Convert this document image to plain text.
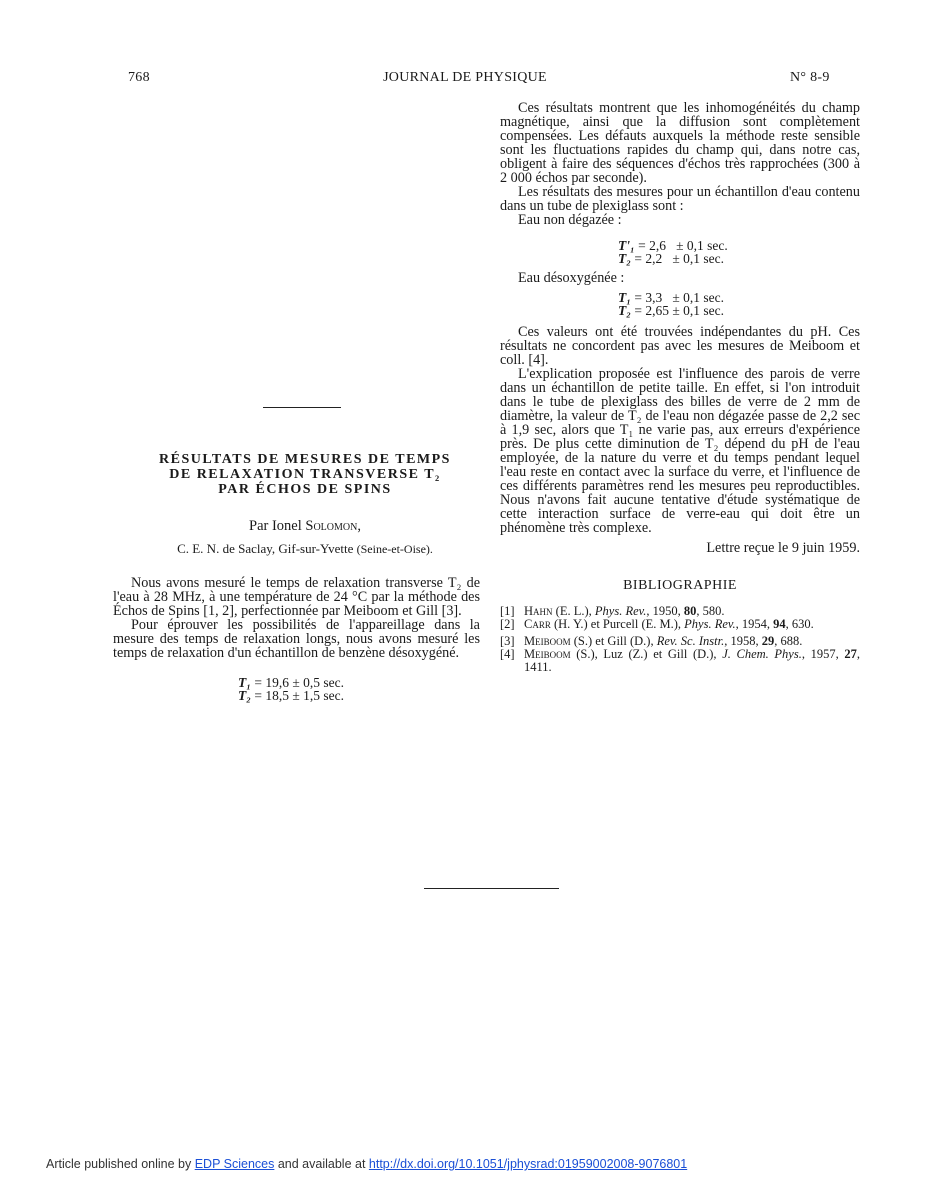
768	JOURNAL DE PHYSIQUE	N° 8-9

Ces résultats montrent que les inhomogénéités du champ magnétique, ainsi que la diffusion sont complètement compensées. Les défauts auxquels la méthode reste sensible sont les fluctuations rapides du champ qui, dans notre cas, obligent à faire des séquences d'échos très rapprochées (300 à 2 000 échos par seconde).

Les résultats des mesures pour un échantillon d'eau contenu dans un tube de plexiglass sont :

Eau non dégazée :

T'₁ = 2,6   ± 0,1 sec.
T₂ = 2,2   ± 0,1 sec.

Eau désoxygénée :

T₁ = 3,3   ± 0,1 sec.
T₂ = 2,65 ± 0,1 sec.

Ces valeurs ont été trouvées indépendantes du pH. Ces résultats ne concordent pas avec les mesures de Meiboom et coll. [4].

L'explication proposée est l'influence des parois de verre dans un échantillon de petite taille. En effet, si l'on introduit dans le tube de plexiglass des billes de verre de 2 mm de diamètre, la valeur de T₂ de l'eau non dégazée passe de 2,2 sec à 1,9 sec, alors que T₁ ne varie pas, aux erreurs d'expérience près. De plus cette diminution de T₂ dépend du pH de l'eau employée, de la nature du verre et du temps pendant lequel l'eau reste en contact avec la surface du verre, et l'influence de ces différents paramètres rend les mesures peu reproductibles. Nous n'avons fait aucune tentative d'étude systématique de cette interaction surface de verre-eau qui doit être un phénomène très complexe.

Lettre reçue le 9 juin 1959.

BIBLIOGRAPHIE
[1] Hahn (E. L.), Phys. Rev., 1950, 80, 580.
[2] Carr (H. Y.) et Purcell (E. M.), Phys. Rev., 1954, 94, 630.
[3] Meiboom (S.) et Gill (D.), Rev. Sc. Instr., 1958, 29, 688.
[4] Meiboom (S.), Luz (Z.) et Gill (D.), J. Chem. Phys., 1957, 27, 1411.
RÉSULTATS DE MESURES DE TEMPS
DE RELAXATION TRANSVERSE T₂
PAR ÉCHOS DE SPINS
Par Ionel Solomon,
C. E. N. de Saclay, Gif-sur-Yvette (Seine-et-Oise).

Nous avons mesuré le temps de relaxation transverse T₂ de l'eau à 28 MHz, à une température de 24 °C par la méthode des Échos de Spins [1, 2], perfectionnée par Meiboom et Gill [3].

Pour éprouver les possibilités de l'appareillage dans la mesure des temps de relaxation longs, nous avons mesuré les temps de relaxation d'un échantillon de benzène désoxygéné.

T₁ = 19,6 ± 0,5 sec.
T₂ = 18,5 ± 1,5 sec.
Article published online by EDP Sciences and available at http://dx.doi.org/10.1051/jphysrad:01959002008-9076801
